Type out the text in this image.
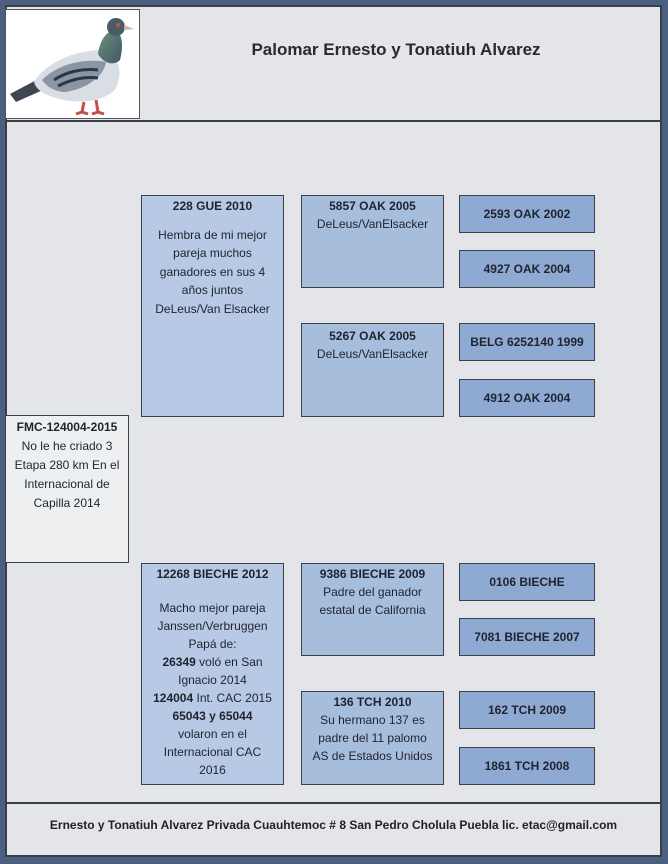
Palomar Ernesto y Tonatiuh Alvarez
FMC-124004-2015
No le he criado 3 Etapa 280 km En el Internacional de Capilla 2014
228 GUE 2010
Hembra de mi mejor
pareja muchos
ganadores en sus 4
años juntos
DeLeus/Van Elsacker
12268 BIECHE 2012
Macho mejor pareja
Janssen/Verbruggen
Papá de:
26349 voló en San
Ignacio 2014
124004 Int. CAC 2015
65043 y 65044
volaron en el
Internacional CAC
2016
5857 OAK 2005
DeLeus/VanElsacker
5267 OAK 2005
DeLeus/VanElsacker
9386 BIECHE 2009
Padre del ganador
estatal de California
136 TCH 2010
Su hermano 137 es
padre del 11 palomo
AS de Estados Unidos
2593 OAK 2002
4927 OAK 2004
BELG 6252140 1999
4912 OAK 2004
0106 BIECHE
7081 BIECHE 2007
162 TCH 2009
1861 TCH 2008
Ernesto y Tonatiuh Alvarez Privada Cuauhtemoc # 8 San Pedro Cholula Puebla lic. etac@gmail.com
